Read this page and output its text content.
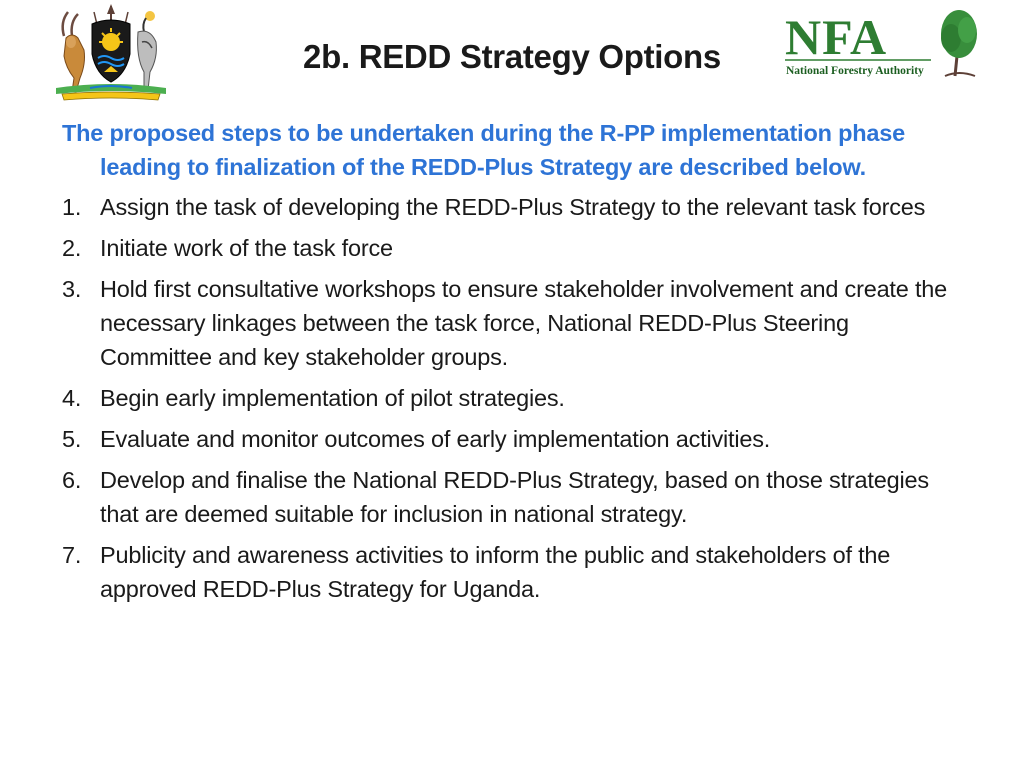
2b. REDD Strategy Options	NFA
National Forestry Authority

The proposed steps to be undertaken during the R-PP implementation phase leading to finalization of the REDD-Plus Strategy are described below.

1. Assign the task of developing the REDD-Plus Strategy to the relevant task forces
2. Initiate work of the task force
3. Hold first consultative workshops to ensure stakeholder involvement and create the necessary linkages between the task force, National REDD-Plus Steering Committee and key stakeholder groups.
4. Begin early implementation of pilot strategies.
5. Evaluate and monitor outcomes of early implementation activities.
6. Develop and finalise the National REDD-Plus Strategy, based on those strategies that are deemed suitable for inclusion in national strategy.
7. Publicity and awareness activities to inform the public and stakeholders of the approved REDD-Plus Strategy for Uganda.
